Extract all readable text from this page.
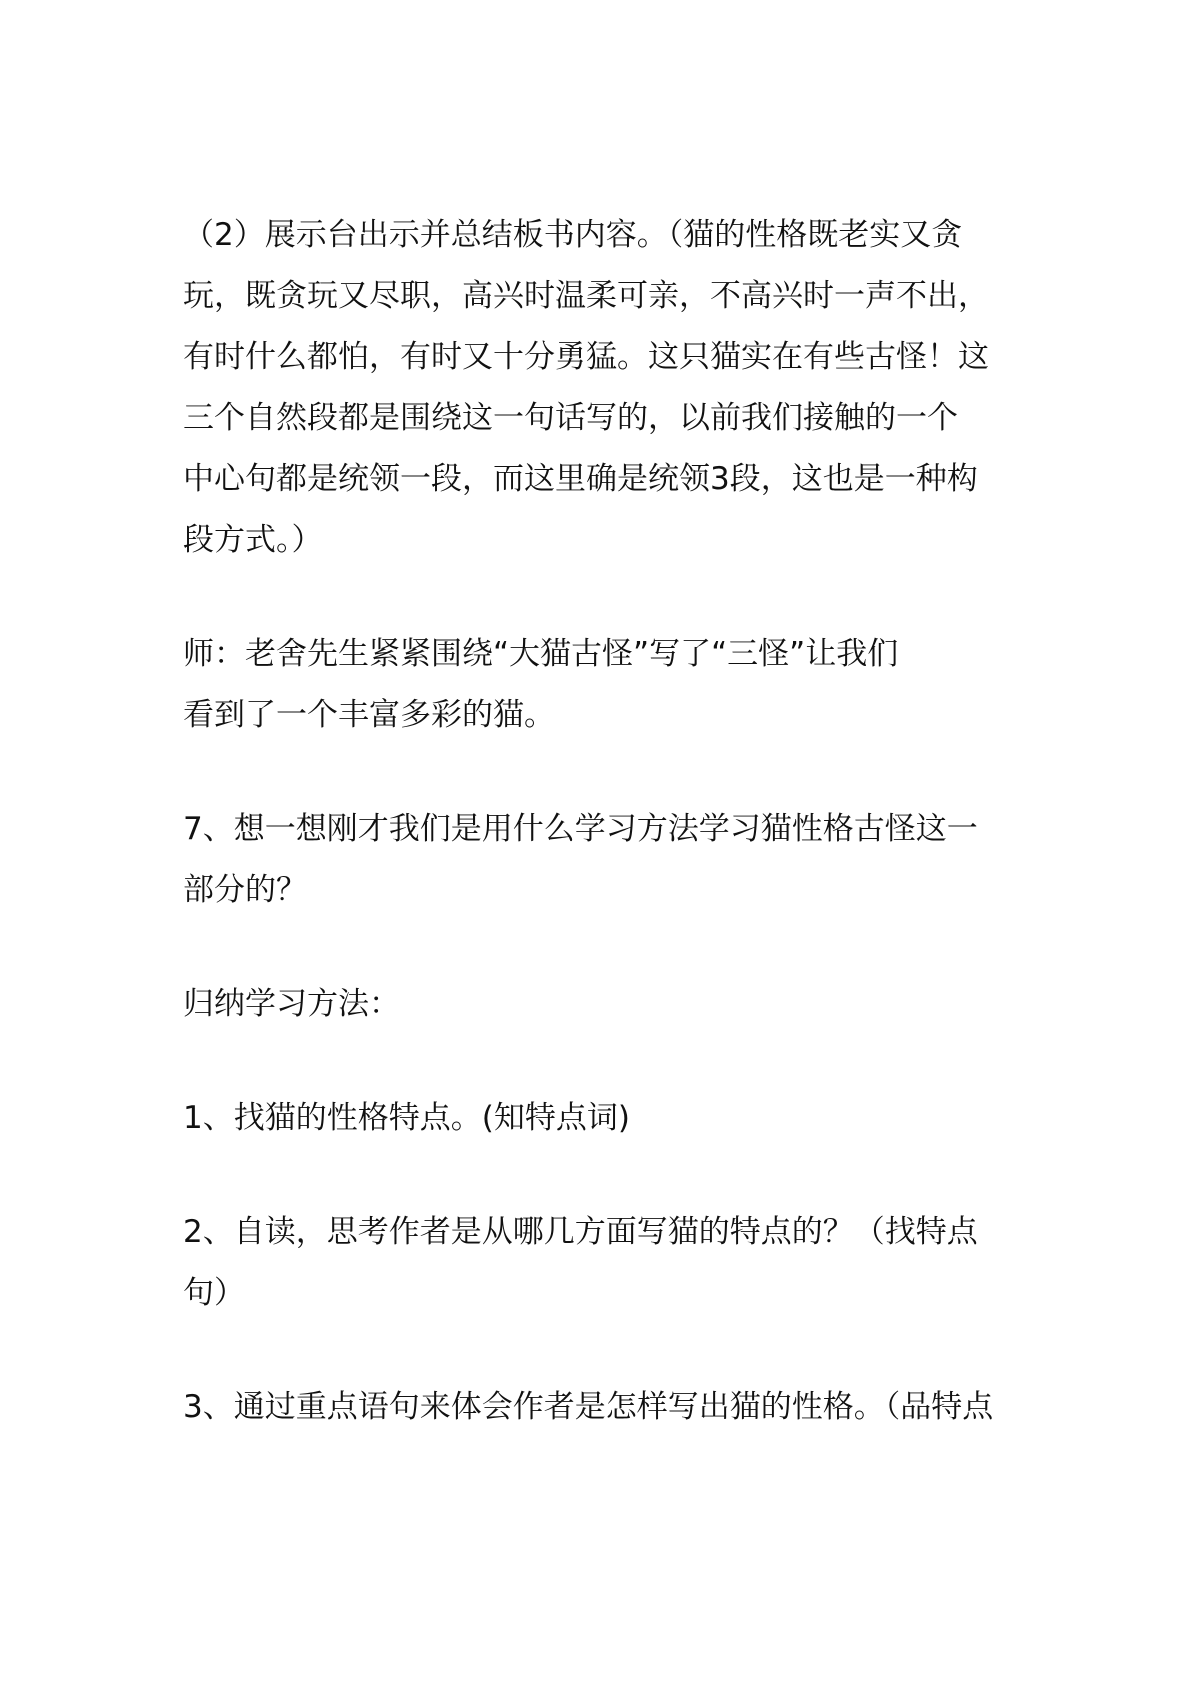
（2）展示台出示并总结板书内容。（猫的性格既老实又贪

玩，既贪玩又尽职，高兴时温柔可亲，不高兴时一声不出，

有时什么都怕，有时又十分勇猛。这只猫实在有些古怪！这

三个自然段都是围绕这一句话写的，以前我们接触的一个

中心句都是统领一段，而这里确是统领3段，这也是一种构

段方式。）

师：老舍先生紧紧围绕“大猫古怪”写了“三怪”让我们

看到了一个丰富多彩的猫。

7、想一想刚才我们是用什么学习方法学习猫性格古怪这一

部分的？

归纳学习方法：

1、找猫的性格特点。(知特点词)

2、自读，思考作者是从哪几方面写猫的特点的？（找特点

句）

3、通过重点语句来体会作者是怎样写出猫的性格。（品特点
